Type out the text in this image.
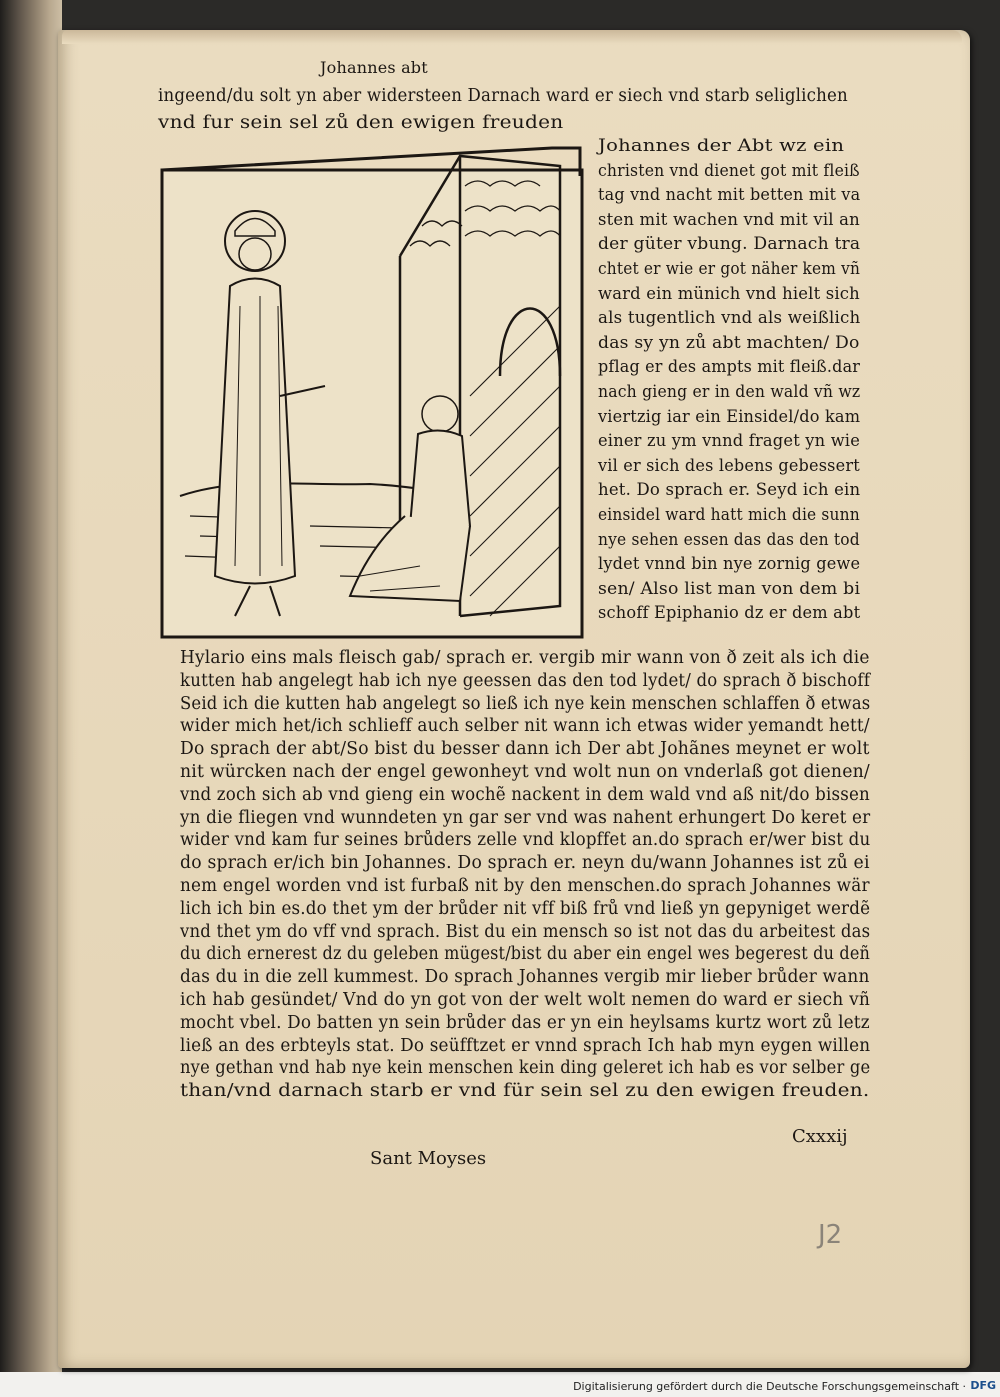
Johannes abt
ingeend/du solt yn aber widersteen Darnach ward er siech vnd starb seliglichen
vnd fur sein sel zů den ewigen freuden
Johannes der Abt wz ein
christen vnd dienet got mit fleiß
tag vnd nacht mit betten mit va
sten mit wachen vnd mit vil an
der güter vbung. Darnach tra
chtet er wie er got näher kem vñ
ward ein münich vnd hielt sich
als tugentlich vnd als weißlich
das sy yn zů abt machten/ Do
pflag er des ampts mit fleiß.dar
nach gieng er in den wald vñ wz
viertzig iar ein Einsidel/do kam
einer zu ym vnnd fraget yn wie
vil er sich des lebens gebessert
het. Do sprach er. Seyd ich ein
einsidel ward hatt mich die sunn
nye sehen essen das das den tod
lydet vnnd bin nye zornig gewe
sen/ Also list man von dem bi
schoff Epiphanio dz er dem abt
Hylario eins mals fleisch gab/ sprach er. vergib mir wann von ð zeit als ich die
kutten hab angelegt hab ich nye geessen das den tod lydet/ do sprach ð bischoff
Seid ich die kutten hab angelegt so ließ ich nye kein menschen schlaffen ð etwas
wider mich het/ich schlieff auch selber nit wann ich etwas wider yemandt hett/
Do sprach der abt/So bist du besser dann ich Der abt Johãnes meynet er wolt
nit würcken nach der engel gewonheyt vnd wolt nun on vnderlaß got dienen/
vnd zoch sich ab vnd gieng ein wochẽ nackent in dem wald vnd aß nit/do bissen
yn die fliegen vnd wunndeten yn gar ser vnd was nahent erhungert Do keret er
wider vnd kam fur seines brůders zelle vnd klopffet an.do sprach er/wer bist du
do sprach er/ich bin Johannes. Do sprach er. neyn du/wann Johannes ist zů ei
nem engel worden vnd ist furbaß nit by den menschen.do sprach Johannes wär
lich ich bin es.do thet ym der brůder nit vff biß frů vnd ließ yn gepyniget werdẽ
vnd thet ym do vff vnd sprach. Bist du ein mensch so ist not das du arbeitest das
du dich ernerest dz du geleben mügest/bist du aber ein engel wes begerest du deñ
das du in die zell kummest. Do sprach Johannes vergib mir lieber brůder wann
ich hab gesündet/ Vnd do yn got von der welt wolt nemen do ward er siech vñ
mocht vbel. Do batten yn sein brůder das er yn ein heylsams kurtz wort zů letz
ließ an des erbteyls stat. Do seüfftzet er vnnd sprach Ich hab myn eygen willen
nye gethan vnd hab nye kein menschen kein ding geleret ich hab es vor selber ge
than/vnd darnach starb er vnd für sein sel zu den ewigen freuden.
Sant Moyses
Cxxxij
J2
Digitalisierung gefördert durch die Deutsche Forschungsgemeinschaft · DFG
